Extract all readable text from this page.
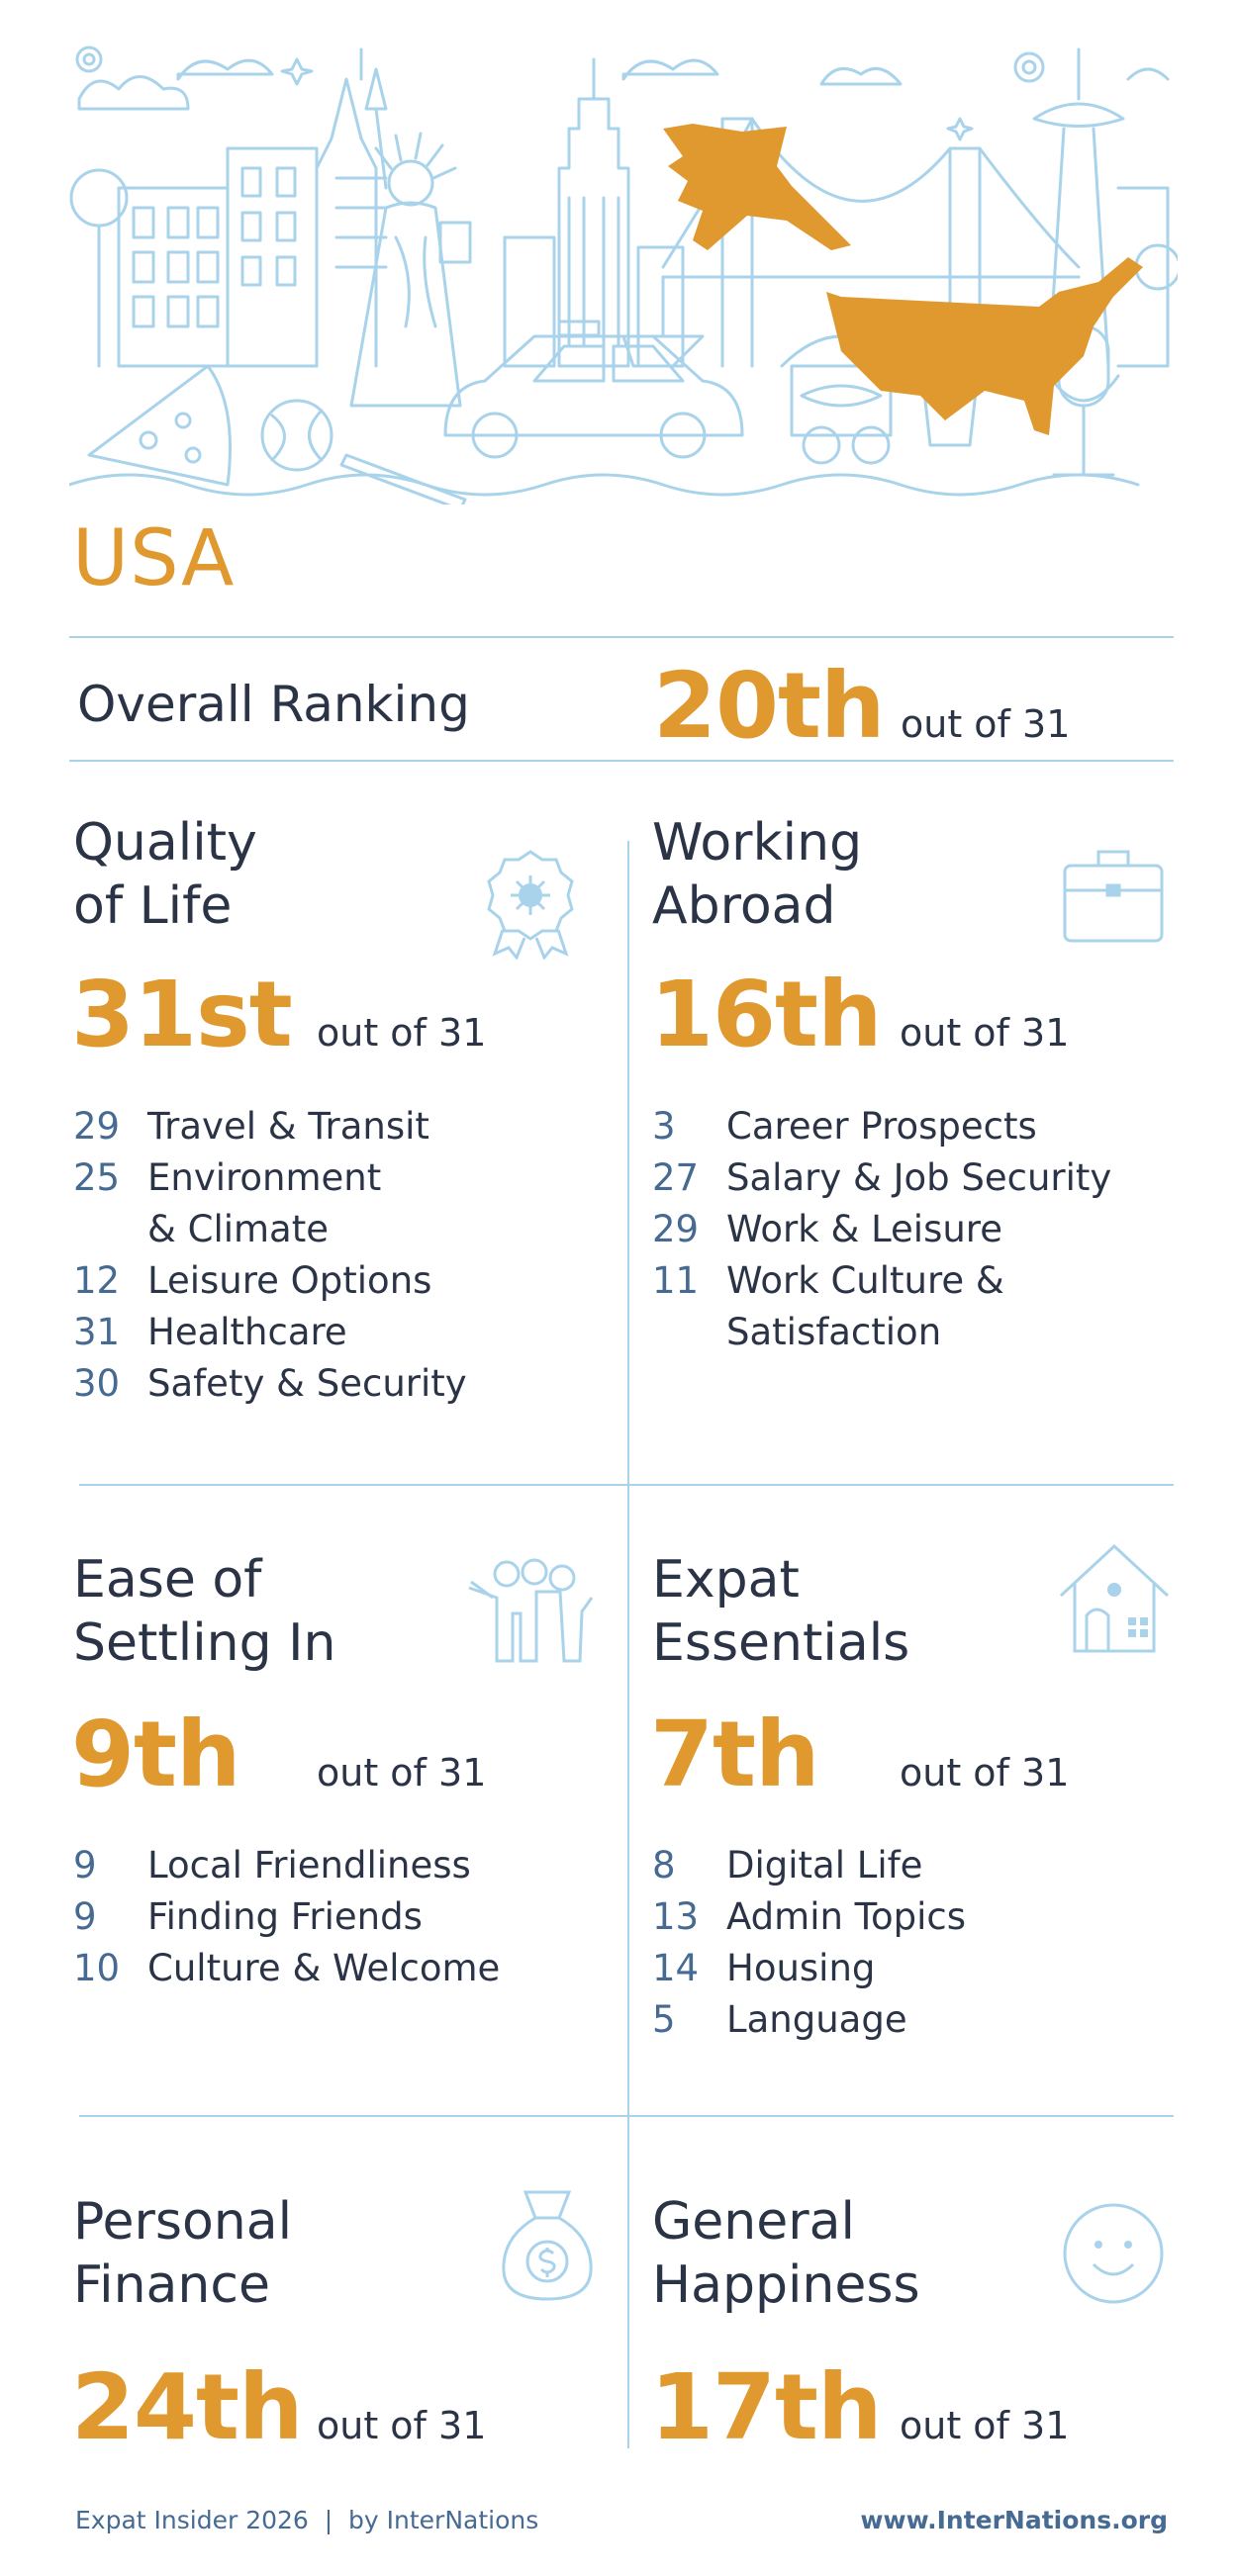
USA
Overall Ranking 20th out of 31
Quality
of Life
31st out of 31
29 Travel & Transit
25 Environment
& Climate
12 Leisure Options
31 Healthcare
30 Safety & Security
Working
Abroad
16th out of 31
3	Career Prospects
27 Salary & Job Security
29 Work & Leisure
11 Work Culture &
Satisfaction
Ease of
Settling In
9th out of 31
9	Local Friendliness
9	Finding Friends
10 Culture & Welcome
Expat
Essentials
7th out of 31
8	Digital Life
13 Admin Topics
14 Housing
5	Language
Personal
Finance
24th out of 31
General
Happiness
17th out of 31
Expat Insider 2026  |  by InterNations	www.InterNations.org
